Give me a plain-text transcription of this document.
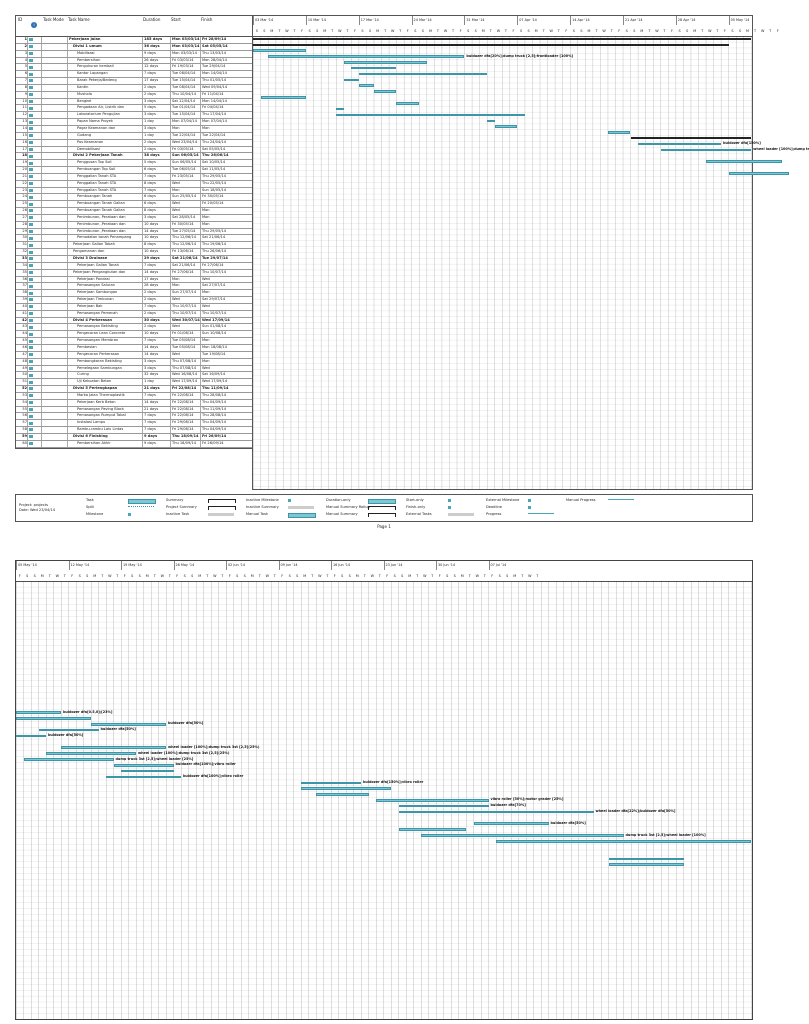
ID
i
Task Mode Task Name	Duration	Start	Finish
1	Pekerjaan Jalan	185 days	Mon 03/03/14 Fri 28/09/14
2	Divisi 1 umum	36 days	Mon 03/03/14 Sat 05/05/14
3	Mobilisasi	9 days	Mon 03/03/14	Thu 13/03/14
4	Pembersihan	26 days	Fri 03/03/14	Mon 28/04/14
5	Pengukuran kembali	12 days	Fri 19/03/14	Tue 29/04/14
6	Kantor Lapangan	7 days	Tue 08/04/14	Mon 14/04/14
7	Barak Pekerja/Bedeng	17 days	Tue 15/04/14	Thu 01/05/14
8	Kantin	2 days	Tue 08/04/14	Wed 09/04/14
9	Mushola	2 days	Thu 10/04/14	Fri 11/04/14
10	Bengkel	3 days	Sat 12/04/14	Mon 14/04/14
11	Pengadaan Air, Listrik dan	5 days	Tue 01/04/14	Fri 04/04/14
12	Laboratorium Pengujian	3 days	Tue 15/04/14	Thu 17/04/14
13	Papan Nama Proyek	1 day	Mon 07/04/14	Mon 07/04/14
14	Pagar Keamanan dan	3 days	Mon	Mon
15	Gudang	1 day	Tue 22/04/14	Tue 22/04/14
16	Pos Keamanan	2 days	Wed 23/04/14	Thu 24/04/14
17	Demobilisasi	2 days	Fri 03/05/14	Sat 05/05/14
18	Divisi 2 Pekerjaan Tanah	38 days	Sun 06/05/14 Thu 26/06/14
19	Penggusan Top Soil	5 days	Sun 06/05/14	Sat 10/05/14
20	Pembuangan Top Soil	6 days	Tue 06/05/14	Sat 11/05/14
21	Penggalian Tanah STA	7 days	Fri 23/05/14	Thu 29/05/14
22	Penggalian Tanah STA	8 days	Wed	Thu 22/05/14
23	Penggalian Tanah STA	7 days	Mon	Sun 18/05/14
24	Pembuangan Tanah	6 days	Sun 25/05/14	Fri 30/05/14
25	Pembuangan Tanah Galian	6 days	Wed	Fri 20/05/14
26	Pembuangan Tanah Galian	8 days	Wed	Mon
27	Penimbunan, Perataan dan	3 days	Sat 28/05/14	Mon
28	Penimbunan ,Perataan dan	10 days	Fri 30/05/14	Mon
29	Penimbunan ,Perataan dan	14 days	Tue 27/05/14	Thu 29/05/14
30	Pemadatan tanah Penampang	10 days	Thu 12/06/14	Sat 21/06/14
31	Pekerjaan Galian Tabah	8 days	Thu 12/06/14	Thu 19/06/14
32	Pengamanan dan	10 days	Fri 13/06/14	Thu 26/06/14
33	Divisi 3 Drainase	29 days	Sat 21/06/14	Tue 29/07/14
34	Pekerjaan Galian Tanah	7 days	Sat 21/06/14	Fri 27/06/14
35	Pekerjaan Pengangkutan dan	14 days	Fri 27/06/14	Thu 10/07/14
36	Pekerjaan Pondasi	17 days	Mon	Wed
37	Pemasangan Saluran	28 days	Mon	Sat 27/07/14
38	Pekerjaan Sambungan	2 days	Sun 27/07/14	Mon
39	Pekerjaan Timbunan	2 days	Wed	Sat 29/07/14
40	Pekerjaan Bak	7 days	Thu 10/07/14	Wed
41	Pemasangan Pemecah	2 days	Thu 10/07/14	Thu 10/07/14
42	Divisi 4 Perkerasan	30 days	Wed 30/07/14 Wed 17/09/14
43	Pemasangan Bekisting	2 days	Wed	Sun 01/08/14
44	Pengecoran Lean Concrete	10 days	Fri 01/08/14	Sun 10/08/14
45	Pemasangan Membran	7 days	Tue 05/08/14	Mon
46	Pembesian	14 days	Tue 05/08/14	Mon 18/08/14
47	Pengecoran Perkerasan	14 days	Wed	Tue 19/08/14
48	Pembongkaran Bekisting	3 days	Thu 07/08/14	Mon
49	Pemelegaan Sambungan	3 days	Thu 07/08/14	Wed
50	Curing	32 days	Wed 16/08/14	Sat 16/09/14
51	Uji Kekuatan Beton	1 day	Wed 17/09/14	Wed 17/09/14
52	Divisi 5 Perlengkapan	21 days	Fri 22/08/14	Thu 11/09/14
53	Marka Jalan Thermoplastik	7 days	Fri 22/08/14	Thu 28/08/14
54	Pekerjaan Kerb Beton	14 days	Fri 22/08/14	Thu 04/09/14
55	Pemasangan Paving Block	21 days	Fri 22/08/14	Thu 11/09/14
56	Pemasangan Rumput Tabal	7 days	Fri 22/08/14	Thu 28/08/14
57	Instalasi Lampu	7 days	Fri 29/08/14	Thu 04/09/14
58	Rambu-rambu Lalu Lintas	7 days	Fri 29/08/14	Thu 04/09/14
59	Divisi 6 Finishing	9 days	Thu 18/09/14 Fri 26/09/14
60	Pembersihan Akhir	9 days	Thu 18/09/14	Fri 26/09/14
03 Mar '14
S	S	M	T	W	T	F
10 Mar '14
S	S	M	T	W	T	F
17 Mar '14
S	S	M	T	W	T	F
24 Mar '14
S	S	M	T	W	T	F
31 Mar '14
S	S	M	T	W	T	F
07 Apr '14
S	S	M	T	W	T	F
14 Apr '14
S	S	M	T	W	T	F
21 Apr '14
S	S	M	T	W	T	F
28 Apr '14
S	S	M	T	W	T	F
05 May '14
S	S	M	T	W	T	F
buldozer dfa[20%];dump truck [2,5];frontloader [100%]
buldozer dfa[150%]
wheel loader [100%];dump tr
Project: projects
Date: Wed 23/04/14
Task
Split
Milestone
Summary
Project Summary
Inactive Task
Inactive Milestone
Inactive Summary
Manual Task
Duration-only
Manual Summary Rollup
Manual Summary
Start-only
Finish-only
External Tasks
External Milestone
Deadline
Progress
Manual Progress
Page 1
05 May '14
F	S	S	M	T	W	T
12 May '14
F	S	S	M	T	W	T
19 May '14
F	S	S	M	T	W	T
26 May '14
F	S	S	M	T	W	T
02 Jun '14
F	S	S	M	T	W	T
09 Jun '14
F	S	S	M	T	W	T
16 Jun '14
F	S	S	M	T	W	T
23 Jun '14
F	S	S	M	T	W	T
30 Jun '14
F	S	S	M	T	W	T
07 Jul '14
F	S	S	M	T	W	T
buldozer dfa[0.5,0];[23%]
buldozer dfa[50%]
buldozer dfa[50%]
buldozer dfa[50%]
wheel loader [100%];dump truck 3st [2,5](25%)
wheel loader [100%];dump truck 3st [2,5](25%)
dump truck 3st [2,5];wheel loader [25%]
buldozer dfa[100%];vibro roller
buldozer dfa[100%];vibro roller
buldozer dfa[150%];vibro roller
vibro roller [50%];motor grader [25%]
buldozer dfa[70%]
wheel loader dfa[22%];buldozer dfa[50%]
buldozer dfa[50%]
dump truck 3st [2,5];wheel loader [100%]
